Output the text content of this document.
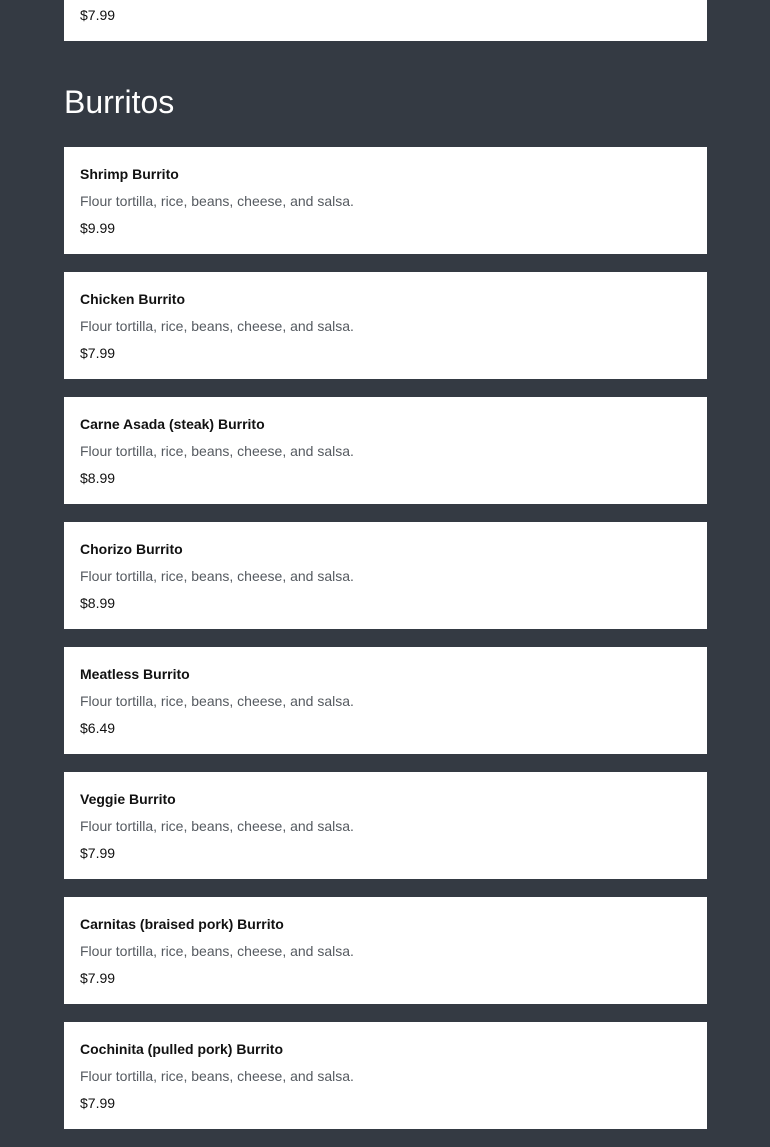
$7.99

Burritos

Shrimp Burrito

Flour tortilla, rice, beans, cheese, and salsa.

$9.99

Chicken Burrito

Flour tortilla, rice, beans, cheese, and salsa.

$7.99

Carne Asada (steak) Burrito

Flour tortilla, rice, beans, cheese, and salsa.

$8.99

Chorizo Burrito

Flour tortilla, rice, beans, cheese, and salsa.

$8.99

Meatless Burrito

Flour tortilla, rice, beans, cheese, and salsa.

$6.49

Veggie Burrito

Flour tortilla, rice, beans, cheese, and salsa.

$7.99

Carnitas (braised pork) Burrito

Flour tortilla, rice, beans, cheese, and salsa.

$7.99

Cochinita (pulled pork) Burrito

Flour tortilla, rice, beans, cheese, and salsa.

$7.99
